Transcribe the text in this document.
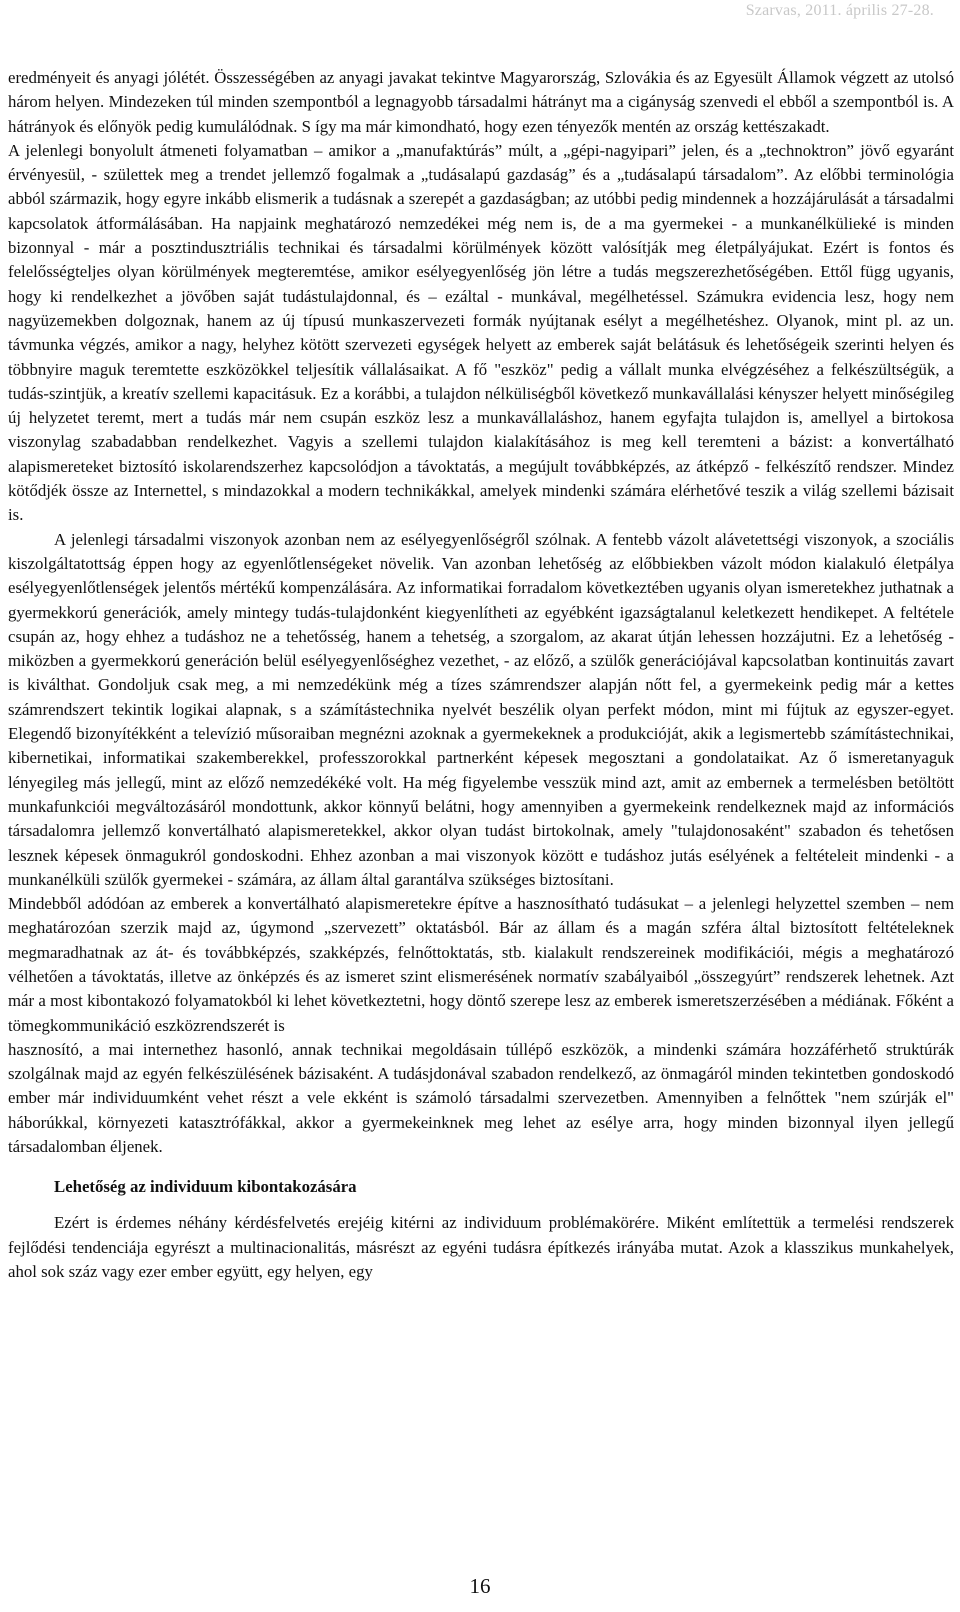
Szarvas, 2011. április 27-28.

eredményeit és anyagi jólétét. Összességében az anyagi javakat tekintve Magyarország, Szlovákia és az Egyesült Államok végzett az utolsó három helyen. Mindezeken túl minden szempontból a legnagyobb társadalmi hátrányt ma a cigányság szenvedi el ebből a szempontból is. A hátrányok és előnyök pedig kumulálódnak. S így ma már kimondható, hogy ezen tényezők mentén az ország kettészakadt.

A jelenlegi bonyolult átmeneti folyamatban – amikor a „manufaktúrás” múlt, a „gépi-nagyipari” jelen, és a „technoktron” jövő egyaránt érvényesül, - születtek meg a trendet jellemző fogalmak a „tudásalapú gazdaság” és a „tudásalapú társadalom”. Az előbbi terminológia abból származik, hogy egyre inkább elismerik a tudásnak a szerepét a gazdaságban; az utóbbi pedig mindennek a hozzájárulását a társadalmi kapcsolatok átformálásában. Ha napjaink meghatározó nemzedékei még nem is, de a ma gyermekei - a munkanélkülieké is minden bizonnyal - már a posztindusztriális technikai és társadalmi körülmények között valósítják meg életpályájukat. Ezért is fontos és felelősségteljes olyan körülmények megteremtése, amikor esélyegyenlőség jön létre a tudás megszerezhetőségében. Ettől függ ugyanis, hogy ki rendelkezhet a jövőben saját tudástulajdonnal, és – ezáltal - munkával, megélhetéssel. Számukra evidencia lesz, hogy nem nagyüzemekben dolgoznak, hanem az új típusú munkaszervezeti formák nyújtanak esélyt a megélhetéshez. Olyanok, mint pl. az un. távmunka végzés, amikor a nagy, helyhez kötött szervezeti egységek helyett az emberek saját belátásuk és lehetőségeik szerinti helyen és többnyire maguk teremtette eszközökkel teljesítik vállalásaikat. A fő "eszköz" pedig a vállalt munka elvégzéséhez a felkészültségük, a tudás-szintjük, a kreatív szellemi kapacitásuk. Ez a korábbi, a tulajdon nélküliségből következő munkavállalási kényszer helyett minőségileg új helyzetet teremt, mert a tudás már nem csupán eszköz lesz a munkavállaláshoz, hanem egyfajta tulajdon is, amellyel a birtokosa viszonylag szabadabban rendelkezhet. Vagyis a szellemi tulajdon kialakításához is meg kell teremteni a bázist: a konvertálható alapismereteket biztosító iskolarendszerhez kapcsolódjon a távoktatás, a megújult továbbképzés, az átképző - felkészítő rendszer. Mindez kötődjék össze az Internettel, s mindazokkal a modern technikákkal, amelyek mindenki számára elérhetővé teszik a világ szellemi bázisait is.

A jelenlegi társadalmi viszonyok azonban nem az esélyegyenlőségről szólnak. A fentebb vázolt alávetettségi viszonyok, a szociális kiszolgáltatottság éppen hogy az egyenlőtlenségeket növelik. Van azonban lehetőség az előbbiekben vázolt módon kialakuló életpálya esélyegyenlőtlenségek jelentős mértékű kompenzálására. Az informatikai forradalom következtében ugyanis olyan ismeretekhez juthatnak a gyermekkorú generációk, amely mintegy tudás-tulajdonként kiegyenlítheti az egyébként igazságtalanul keletkezett hendikepet. A feltétele csupán az, hogy ehhez a tudáshoz ne a tehetősség, hanem a tehetség, a szorgalom, az akarat útján lehessen hozzájutni. Ez a lehetőség - miközben a gyermekkorú generáción belül esélyegyenlőséghez vezethet, - az előző, a szülők generációjával kapcsolatban kontinuitás zavart is kiválthat. Gondoljuk csak meg, a mi nemzedékünk még a tízes számrendszer alapján nőtt fel, a gyermekeink pedig már a kettes számrendszert tekintik logikai alapnak, s a számítástechnika nyelvét beszélik olyan perfekt módon, mint mi fújtuk az egyszer-egyet. Elegendő bizonyítékként a televízió műsoraiban megnézni azoknak a gyermekeknek a produkcióját, akik a legismertebb számítástechnikai, kibernetikai, informatikai szakemberekkel, professzorokkal partnerként képesek megosztani a gondolataikat. Az ő ismeretanyaguk lényegileg más jellegű, mint az előző nemzedékéké volt. Ha még figyelembe vesszük mind azt, amit az embernek a termelésben betöltött munkafunkciói megváltozásáról mondottunk, akkor könnyű belátni, hogy amennyiben a gyermekeink rendelkeznek majd az információs társadalomra jellemző konvertálható alapismeretekkel, akkor olyan tudást birtokolnak, amely "tulajdonosaként" szabadon és tehetősen lesznek képesek önmagukról gondoskodni. Ehhez azonban a mai viszonyok között e tudáshoz jutás esélyének a feltételeit mindenki - a munkanélküli szülők gyermekei - számára, az állam által garantálva szükséges biztosítani.

Mindebből adódóan az emberek a konvertálható alapismeretekre építve a hasznosítható tudásukat – a jelenlegi helyzettel szemben – nem meghatározóan szerzik majd az, úgymond „szervezett” oktatásból. Bár az állam és a magán szféra által biztosított feltételeknek megmaradhatnak az át- és továbbképzés, szakképzés, felnőttoktatás, stb. kialakult rendszereinek modifikációi, mégis a meghatározó vélhetően a távoktatás, illetve az önképzés és az ismeret szint elismerésének normatív szabályaiból „összegyúrt” rendszerek lehetnek. Azt már a most kibontakozó folyamatokból ki lehet következtetni, hogy döntő szerepe lesz az emberek ismeretszerzésében a médiának. Főként a tömegkommunikáció eszközrendszerét is

hasznosító, a mai internethez hasonló, annak technikai megoldásain túllépő eszközök, a mindenki számára hozzáférhető struktúrák szolgálnak majd az egyén felkészülésének bázisaként. A tudásjdonával szabadon rendelkező, az önmagáról minden tekintetben gondoskodó ember már individuumként vehet részt a vele ekként is számoló társadalmi szervezetben. Amennyiben a felnőttek "nem szúrják el" háborúkkal, környezeti katasztrófákkal, akkor a gyermekeinknek meg lehet az esélye arra, hogy minden bizonnyal ilyen jellegű társadalomban éljenek.

Lehetőség az individuum kibontakozására

Ezért is érdemes néhány kérdésfelvetés erejéig kitérni az individuum problémakörére. Miként említettük a termelési rendszerek fejlődési tendenciája egyrészt a multinacionalitás, másrészt az egyéni tudásra építkezés irányába mutat. Azok a klasszikus munkahelyek, ahol sok száz vagy ezer ember együtt, egy helyen, egy

16
